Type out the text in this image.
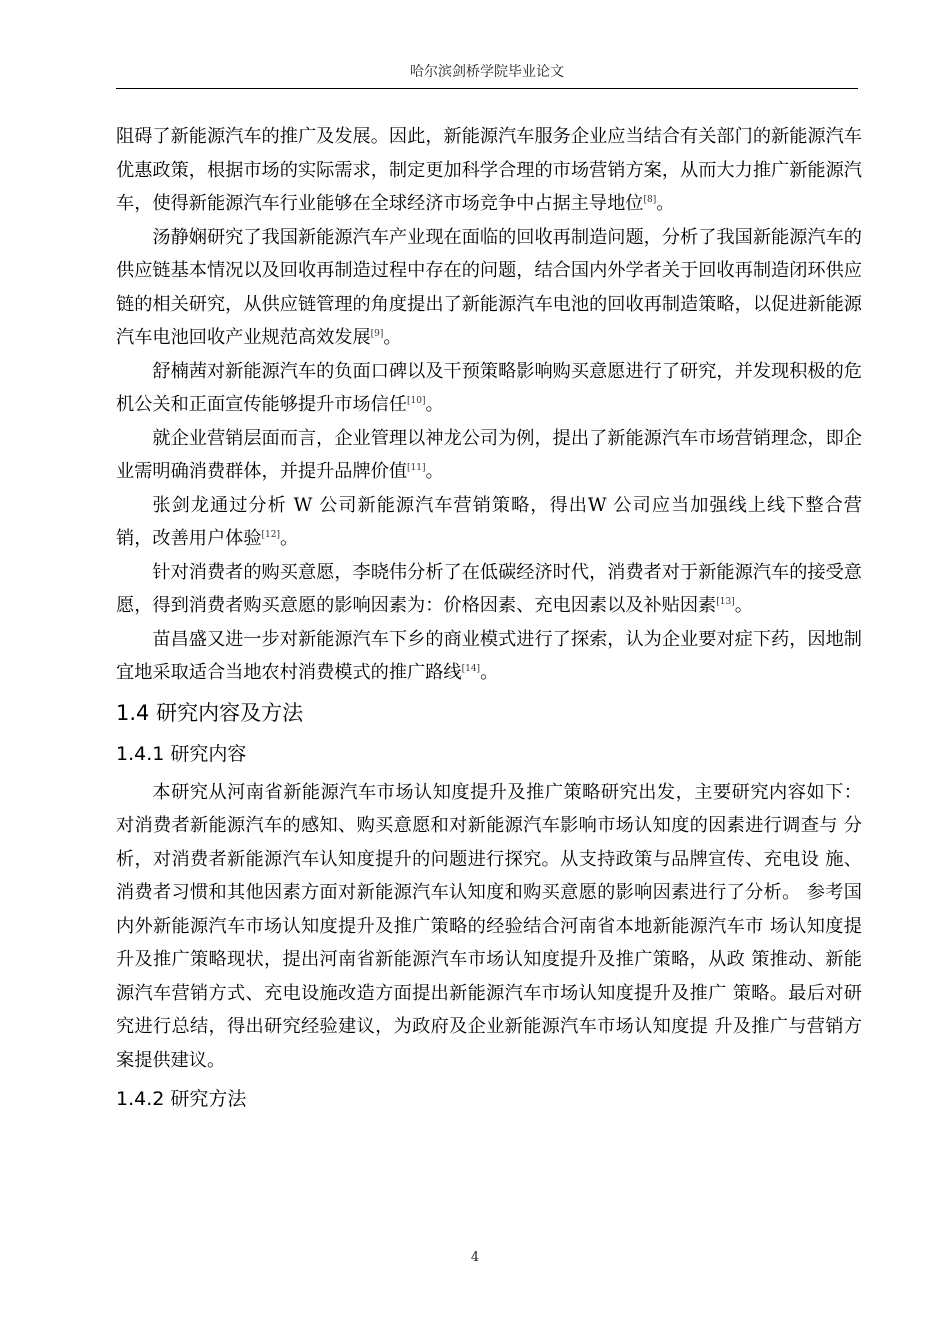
哈尔滨剑桥学院毕业论文

阻碍了新能源汽车的推广及发展。因此，新能源汽车服务企业应当结合有关部门的新能源汽车优惠政策，根据市场的实际需求，制定更加科学合理的市场营销方案，从而大力推广新能源汽车，使得新能源汽车行业能够在全球经济市场竞争中占据主导地位[8]。

汤静娴研究了我国新能源汽车产业现在面临的回收再制造问题，分析了我国新能源汽车的供应链基本情况以及回收再制造过程中存在的问题，结合国内外学者关于回收再制造闭环供应链的相关研究，从供应链管理的角度提出了新能源汽车电池的回收再制造策略，以促进新能源汽车电池回收产业规范高效发展[9]。

舒楠茜对新能源汽车的负面口碑以及干预策略影响购买意愿进行了研究，并发现积极的危机公关和正面宣传能够提升市场信任[10]。

就企业营销层面而言，企业管理以神龙公司为例，提出了新能源汽车市场营销理念，即企业需明确消费群体，并提升品牌价值[11]。

张剑龙通过分析 W 公司新能源汽车营销策略，得出W 公司应当加强线上线下整合营 销，改善用户体验[12]。

针对消费者的购买意愿，李晓伟分析了在低碳经济时代，消费者对于新能源汽车的接受意愿，得到消费者购买意愿的影响因素为：价格因素、充电因素以及补贴因素[13]。

苗昌盛又进一步对新能源汽车下乡的商业模式进行了探索，认为企业要对症下药，因地制宜地采取适合当地农村消费模式的推广路线[14]。

1.4 研究内容及方法
1.4.1 研究内容

本研究从河南省新能源汽车市场认知度提升及推广策略研究出发，主要研究内容如下： 对消费者新能源汽车的感知、购买意愿和对新能源汽车影响市场认知度的因素进行调查与 分析，对消费者新能源汽车认知度提升的问题进行探究。从支持政策与品牌宣传、充电设 施、消费者习惯和其他因素方面对新能源汽车认知度和购买意愿的影响因素进行了分析。 参考国内外新能源汽车市场认知度提升及推广策略的经验结合河南省本地新能源汽车市 场认知度提升及推广策略现状，提出河南省新能源汽车市场认知度提升及推广策略，从政 策推动、新能源汽车营销方式、充电设施改造方面提出新能源汽车市场认知度提升及推广 策略。最后对研究进行总结，得出研究经验建议，为政府及企业新能源汽车市场认知度提 升及推广与营销方案提供建议。

1.4.2 研究方法
4
